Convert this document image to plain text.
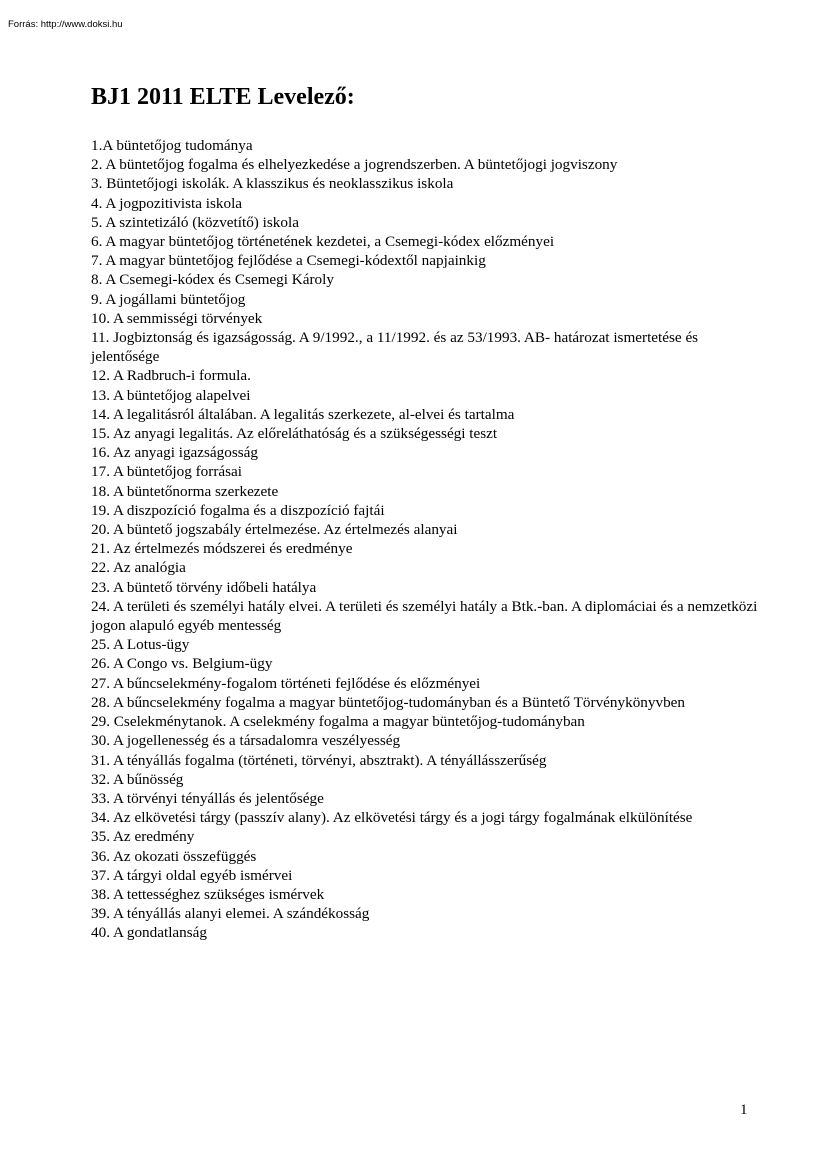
Forrás: http://www.doksi.hu
BJ1 2011 ELTE Levelező:
1.A büntetőjog tudománya
2. A büntetőjog fogalma és elhelyezkedése a jogrendszerben. A büntetőjogi jogviszony
3. Büntetőjogi iskolák. A klasszikus és neoklasszikus iskola
4. A jogpozitivista iskola
5. A szintetizáló (közvetítő) iskola
6. A magyar büntetőjog történetének kezdetei, a Csemegi-kódex előzményei
7. A magyar büntetőjog fejlődése a Csemegi-kódextől napjainkig
8. A Csemegi-kódex és Csemegi Károly
9. A jogállami büntetőjog
10. A semmisségi törvények
11. Jogbiztonság és igazságosság. A 9/1992., a 11/1992. és az 53/1993. AB- határozat ismertetése és jelentősége
12. A Radbruch-i formula.
13. A büntetőjog alapelvei
14. A legalitásról általában. A legalitás szerkezete, al-elvei és tartalma
15. Az anyagi legalitás. Az előreláthatóság és a szükségességi teszt
16. Az anyagi igazságosság
17. A büntetőjog forrásai
18. A büntetőnorma szerkezete
19. A diszpozíció fogalma és a diszpozíció fajtái
20. A büntető jogszabály értelmezése. Az értelmezés alanyai
21. Az értelmezés módszerei és eredménye
22. Az analógia
23. A büntető törvény időbeli hatálya
24. A területi és személyi hatály elvei. A területi és személyi hatály a Btk.-ban. A diplomáciai és a nemzetközi jogon alapuló egyéb mentesség
25. A Lotus-ügy
26. A Congo vs. Belgium-ügy
27. A bűncselekmény-fogalom történeti fejlődése és előzményei
28. A bűncselekmény fogalma a magyar büntetőjog-tudományban és a Büntető Törvénykönyvben
29. Cselekménytanok. A cselekmény fogalma a magyar büntetőjog-tudományban
30. A jogellenesség és a társadalomra veszélyesség
31. A tényállás fogalma (történeti, törvényi, absztrakt). A tényállásszerűség
32. A bűnösség
33. A törvényi tényállás és jelentősége
34. Az elkövetési tárgy (passzív alany). Az elkövetési tárgy és a jogi tárgy fogalmának elkülönítése
35. Az eredmény
36. Az okozati összefüggés
37. A tárgyi oldal egyéb ismérvei
38. A tettességhez szükséges ismérvek
39. A tényállás alanyi elemei. A szándékosság
40. A gondatlanság
1
